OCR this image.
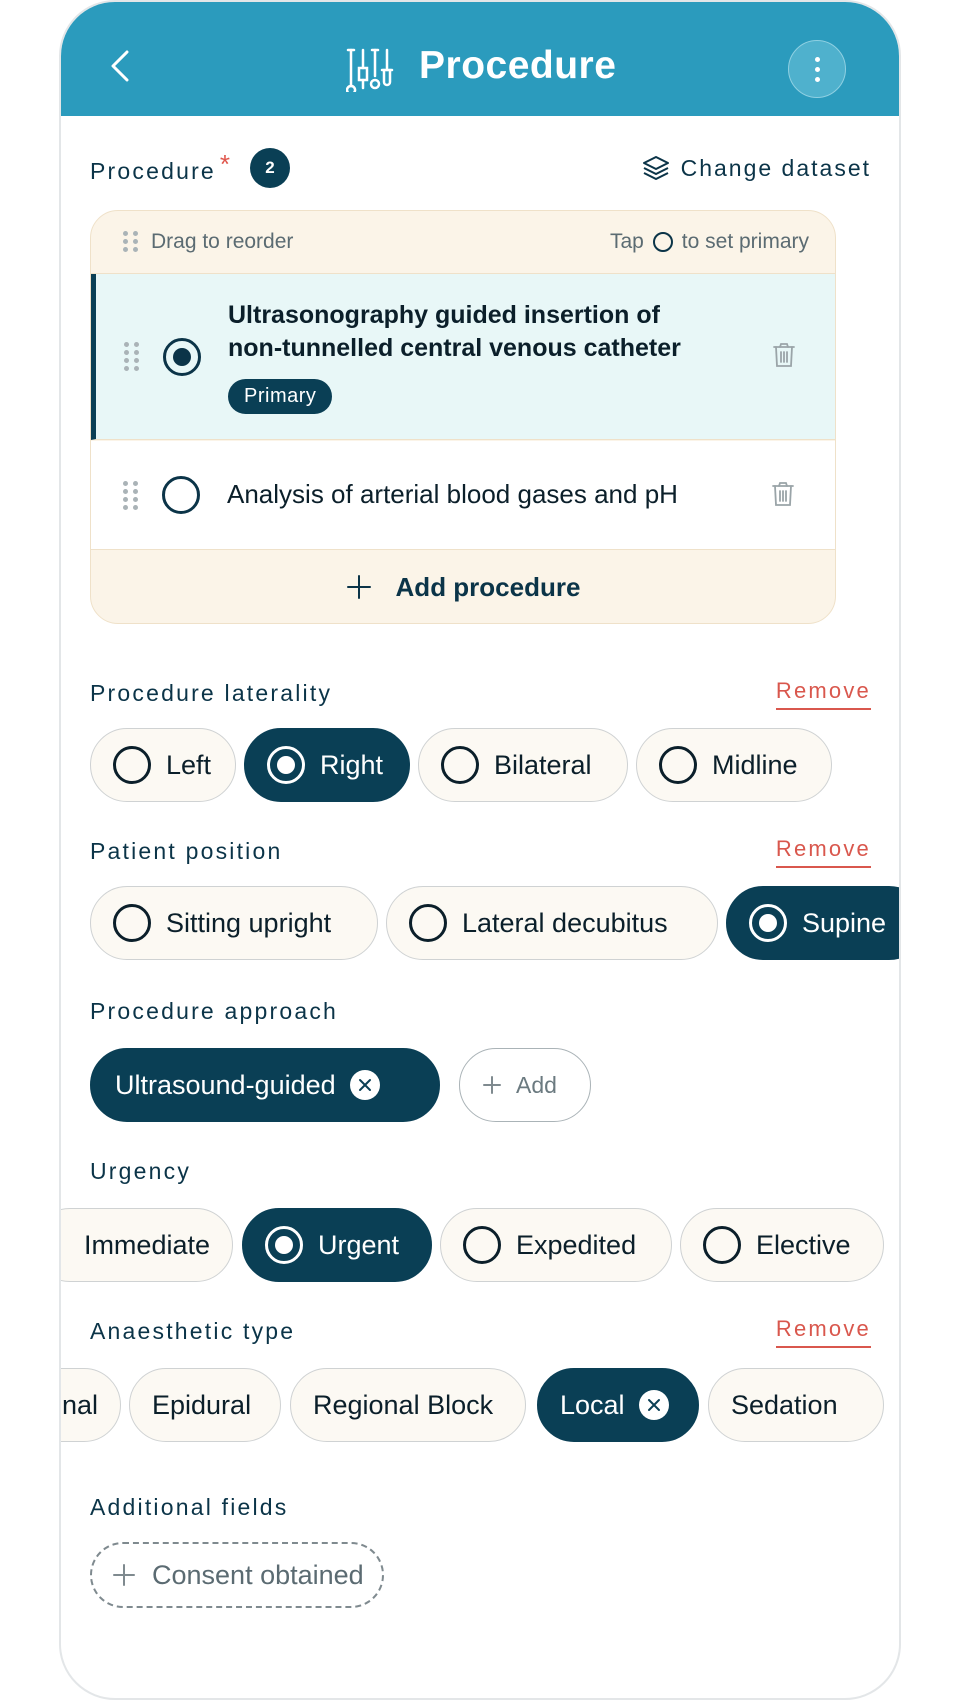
Procedure
Procedure *	2	Change dataset
Drag to reorder	Tap to set primary
Ultrasonography guided insertion of
non-tunnelled central venous catheter
Primary
Analysis of arterial blood gases and pH
Add procedure
Procedure laterality	Remove
Left	Right	Bilateral	Midline
Patient position	Remove
Sitting upright	Lateral decubitus	Supine
Procedure approach
Ultrasound-guided	Add
Urgency
Immediate	Urgent	Expedited	Elective
Anaesthetic type	Remove
nal	Epidural	Regional Block	Local	Sedation
Additional fields
Consent obtained
